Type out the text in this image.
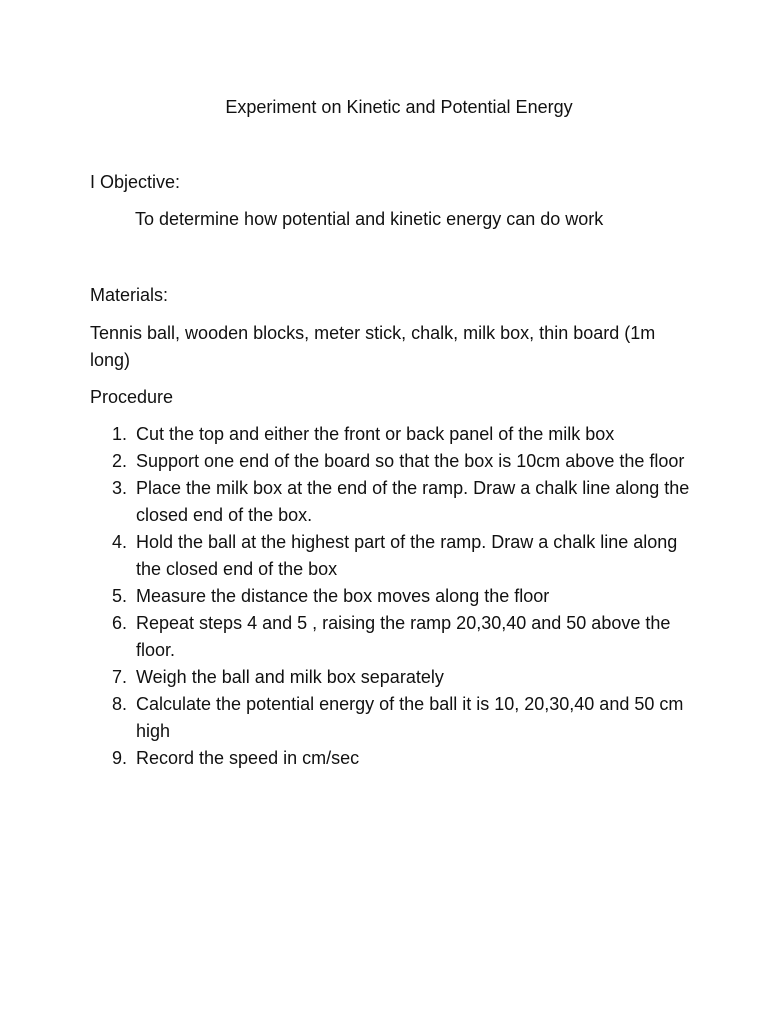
Experiment on Kinetic and Potential Energy
I Objective:
To determine how potential and kinetic energy can do work
Materials:
Tennis ball, wooden blocks, meter stick, chalk, milk box, thin board (1m long)
Procedure
1. Cut the top and either the front or back panel of the milk box
2. Support one end of the board so that the box is 10cm above the floor
3. Place the milk box at the end of the ramp. Draw a chalk line along the closed end of the box.
4. Hold the ball at the highest part of the ramp. Draw a chalk line along the closed end of the box
5. Measure the distance the box moves along the floor
6. Repeat steps 4 and 5 , raising the ramp 20,30,40 and 50 above the floor.
7. Weigh the ball and milk box separately
8. Calculate the potential energy of the ball it is 10, 20,30,40 and 50 cm high
9. Record the speed in cm/sec
